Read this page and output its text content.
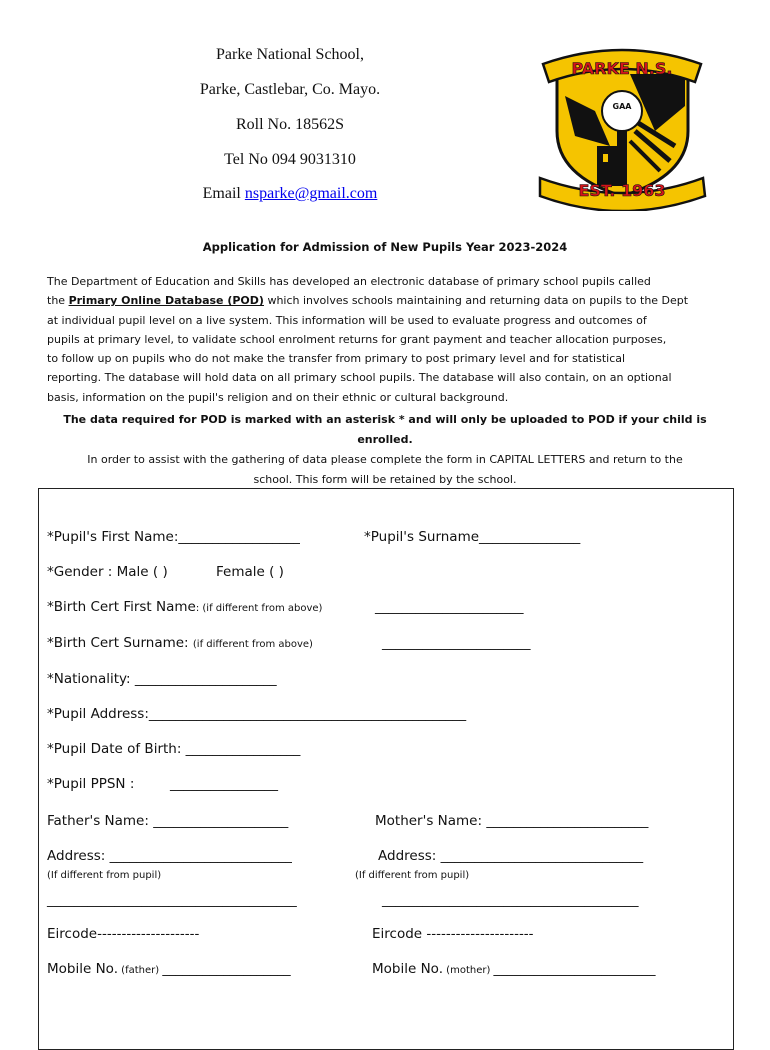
Parke National School,
Parke, Castlebar, Co. Mayo.
Roll No. 18562S
Tel No 094 9031310
Email nsparke@gmail.com
GAA
PARKE N.S.
EST. 1963
Application for Admission of New Pupils Year 2023-2024
The Department of Education and Skills has developed an electronic database of primary school pupils called
the Primary Online Database (POD) which involves schools maintaining and returning data on pupils to the Dept
at individual pupil level on a live system. This information will be used to evaluate progress and outcomes of
pupils at primary level, to validate school enrolment returns for grant payment and teacher allocation purposes,
to follow up on pupils who do not make the transfer from primary to post primary level and for statistical
reporting. The database will hold data on all primary school pupils. The database will also contain, on an optional
basis, information on the pupil's religion and on their ethnic or cultural background.
The data required for POD is marked with an asterisk * and will only be uploaded to POD if your child is
enrolled.
In order to assist with the gathering of data please complete the form in CAPITAL LETTERS and return to the
school. This form will be retained by the school.
*Pupil's First Name:__________________	*Pupil's Surname_______________
*Gender : Male ( )	Female ( )
*Birth Cert First Name: (if different from above)	______________________
*Birth Cert Surname: (if different from above)	______________________
*Nationality: _____________________
*Pupil Address:_______________________________________________
*Pupil Date of Birth: _________________
*Pupil PPSN :	________________
Father's Name: ____________________	Mother's Name: ________________________
Address: ___________________________	Address: ______________________________
(If different from pupil)	(If different from pupil)
_____________________________________	______________________________________
Eircode---------------------	Eircode ----------------------
Mobile No. (father) ___________________	Mobile No. (mother) ________________________
